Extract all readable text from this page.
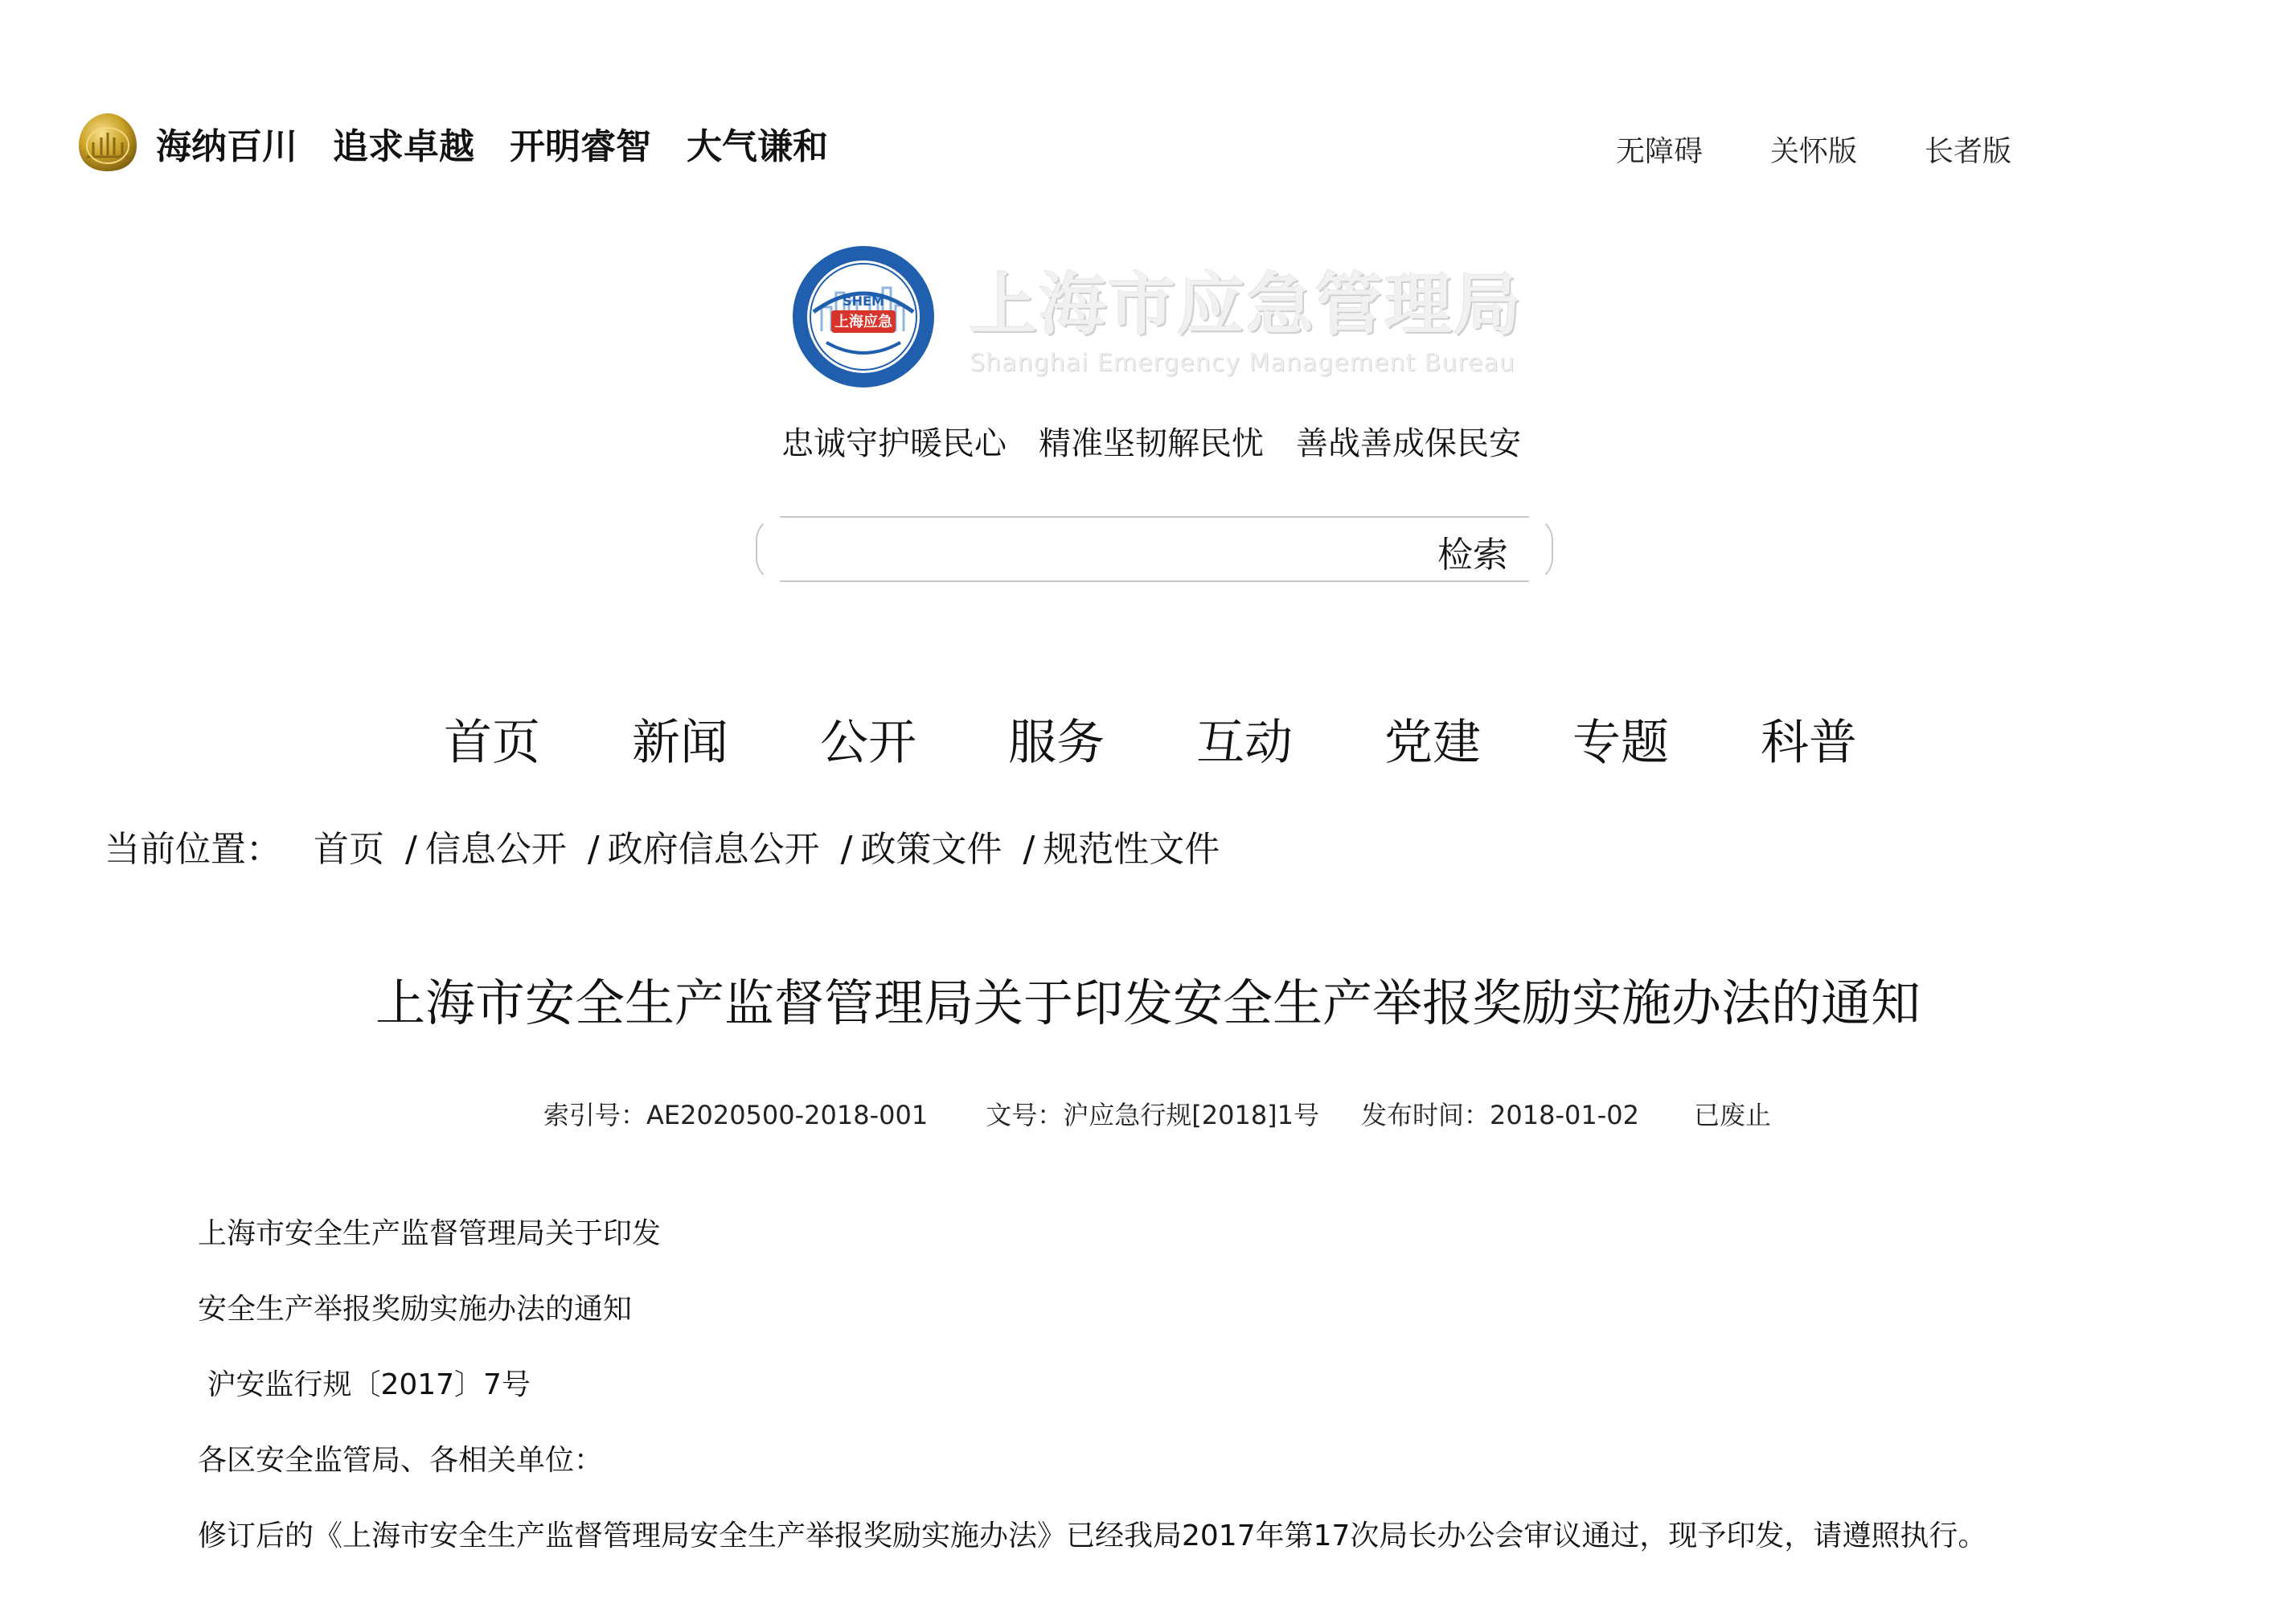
海纳百川 追求卓越 开明睿智 大气谦和	无障碍 关怀版 长者版
上海应急
SHEM 上海市应急管理局
Shanghai Emergency Management Bureau
忠诚守护暖民心 精准坚韧解民忧 善战善成保民安
检索
首页	新闻	公开	服务	互动	党建	专题	科普
当前位置： 首页 / 信息公开 / 政府信息公开 / 政策文件 / 规范性文件
上海市安全生产监督管理局关于印发安全生产举报奖励实施办法的通知
索引号：AE2020500-2018-001 文号：沪应急行规[2018]1号 发布时间：2018-01-02 已废止

上海市安全生产监督管理局关于印发

安全生产举报奖励实施办法的通知

沪安监行规〔2017〕7号

各区安全监管局、各相关单位：

修订后的《上海市安全生产监督管理局安全生产举报奖励实施办法》已经我局2017年第17次局长办公会审议通过，现予印发，请遵照执行。
